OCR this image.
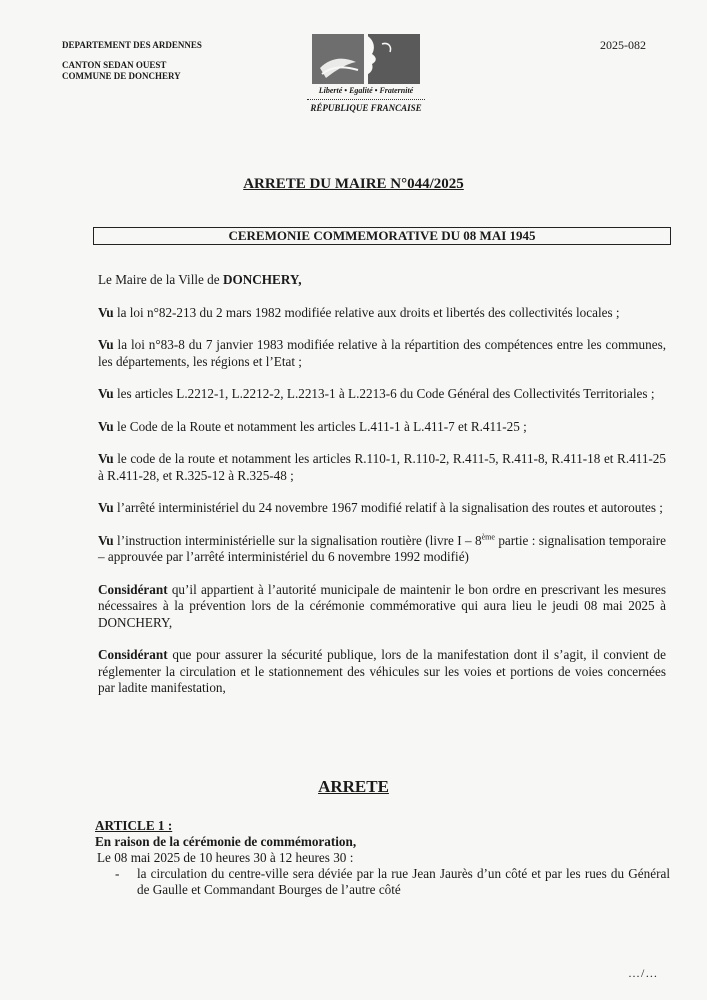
DEPARTEMENT DES ARDENNES
CANTON SEDAN OUEST
COMMUNE DE DONCHERY
2025-082
Liberté • Egalité • Fraternité
RÉPUBLIQUE FRANCAISE
ARRETE DU MAIRE N°044/2025
CEREMONIE COMMEMORATIVE DU 08 MAI 1945

Le Maire de la Ville de DONCHERY,

Vu la loi n°82-213 du 2 mars 1982 modifiée relative aux droits et libertés des collectivités locales ;

Vu la loi n°83-8 du 7 janvier 1983 modifiée relative à la répartition des compétences entre les communes, les départements, les régions et l’Etat ;

Vu les articles L.2212-1, L.2212-2, L.2213-1 à L.2213-6 du Code Général des Collectivités Territoriales ;

Vu le Code de la Route et notamment les articles L.411-1 à L.411-7 et R.411-25 ;

Vu le code de la route et notamment les articles R.110-1, R.110-2, R.411-5, R.411-8, R.411-18 et R.411-25 à R.411-28, et R.325-12 à R.325-48 ;

Vu l’arrêté interministériel du 24 novembre 1967 modifié relatif à la signalisation des routes et autoroutes ;

Vu l’instruction interministérielle sur la signalisation routière (livre I – 8ème partie : signalisation temporaire – approuvée par l’arrêté interministériel du 6 novembre 1992 modifié)

Considérant qu’il appartient à l’autorité municipale de maintenir le bon ordre en prescrivant les mesures nécessaires à la prévention lors de la cérémonie commémorative qui aura lieu le jeudi 08 mai 2025 à DONCHERY,

Considérant que pour assurer la sécurité publique, lors de la manifestation dont il s’agit, il convient de réglementer la circulation et le stationnement des véhicules sur les voies et portions de voies concernées par ladite manifestation,

ARRETE
ARTICLE 1 :
En raison de la cérémonie de commémoration,
Le 08 mai 2025 de 10 heures 30 à 12 heures 30 :
- la circulation du centre-ville sera déviée par la rue Jean Jaurès d’un côté et par les rues du Général de Gaulle et Commandant Bourges de l’autre côté
…/…
